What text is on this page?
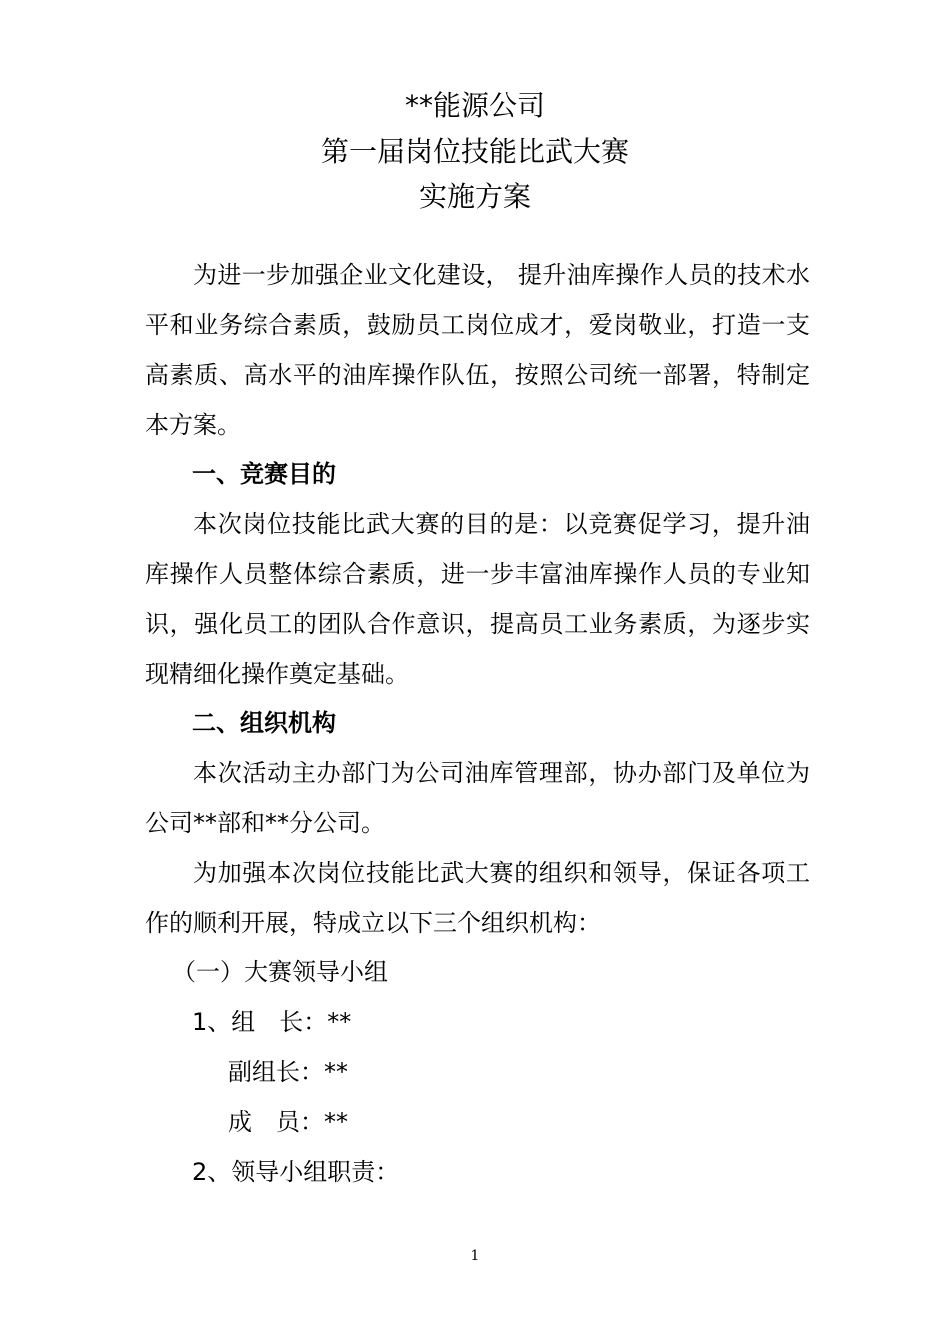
**能源公司
第一届岗位技能比武大赛
实施方案

为进一步加强企业文化建设， 提升油库操作人员的技术水平和业务综合素质，鼓励员工岗位成才，爱岗敬业，打造一支高素质、高水平的油库操作队伍，按照公司统一部署，特制定本方案。

一、竞赛目的

本次岗位技能比武大赛的目的是：以竞赛促学习，提升油库操作人员整体综合素质，进一步丰富油库操作人员的专业知识，强化员工的团队合作意识，提高员工业务素质，为逐步实现精细化操作奠定基础。

二、组织机构

本次活动主办部门为公司油库管理部，协办部门及单位为公司**部和**分公司。

为加强本次岗位技能比武大赛的组织和领导，保证各项工作的顺利开展，特成立以下三个组织机构：

（一）大赛领导小组

1、组　长：**

副组长：**

成　员：**

2、领导小组职责：

1
